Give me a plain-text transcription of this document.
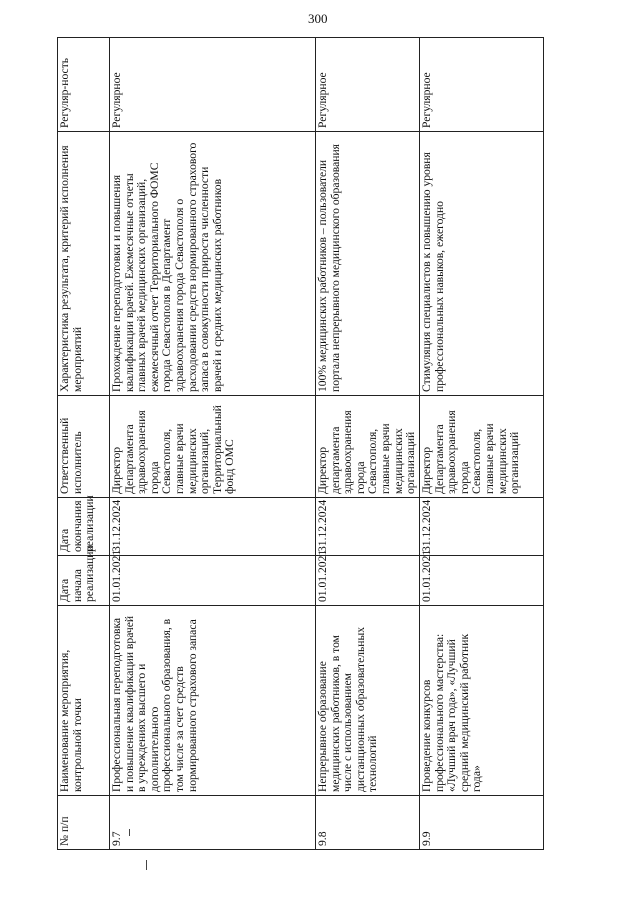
300
№ п/п	Наименование мероприятия, контрольной точки	Дата начала реализации	Дата окончания реализации	Ответственный исполнитель	Характеристика результата, критерий исполнения мероприятий	Регуляр-ность
9.7	Профессиональная переподготовка и повышение квалификации врачей в учреждениях высшего и дополнительного профессионального образования, в том числе за счет средств нормированного страхового запаса	01.01.2021	31.12.2024	Директор Департамента здравоохранения города Севастополя, главные врачи медицинских организаций, Территориальный фонд ОМС	Прохождение переподготовки и повышения квалификации врачей. Ежемесячные отчеты главных врачей медицинских организаций, ежемесячный отчет Территориального ФОМС города Севастополя в Департамент здравоохранения города Севастополя о расходовании средств нормированного страхового запаса в совокупности прироста численности врачей и средних медицинских работников	Регулярное
9.8	Непрерывное образование медицинских работников, в том числе с использованием дистанционных образовательных технологий	01.01.2021	31.12.2024	Директор департамента здравоохранения города Севастополя, главные врачи медицинских организаций	100% медицинских работников – пользователи портала непрерывного медицинского образования	Регулярное
9.9	Проведение конкурсов профессионального мастерства: «Лучший врач года», «Лучший средний медицинский работник года»	01.01.2021	31.12.2024	Директор Департамента здравоохранения города Севастополя, главные врачи медицинских организаций	Стимуляция специалистов к повышению уровня профессиональных навыков, ежегодно	Регулярное
